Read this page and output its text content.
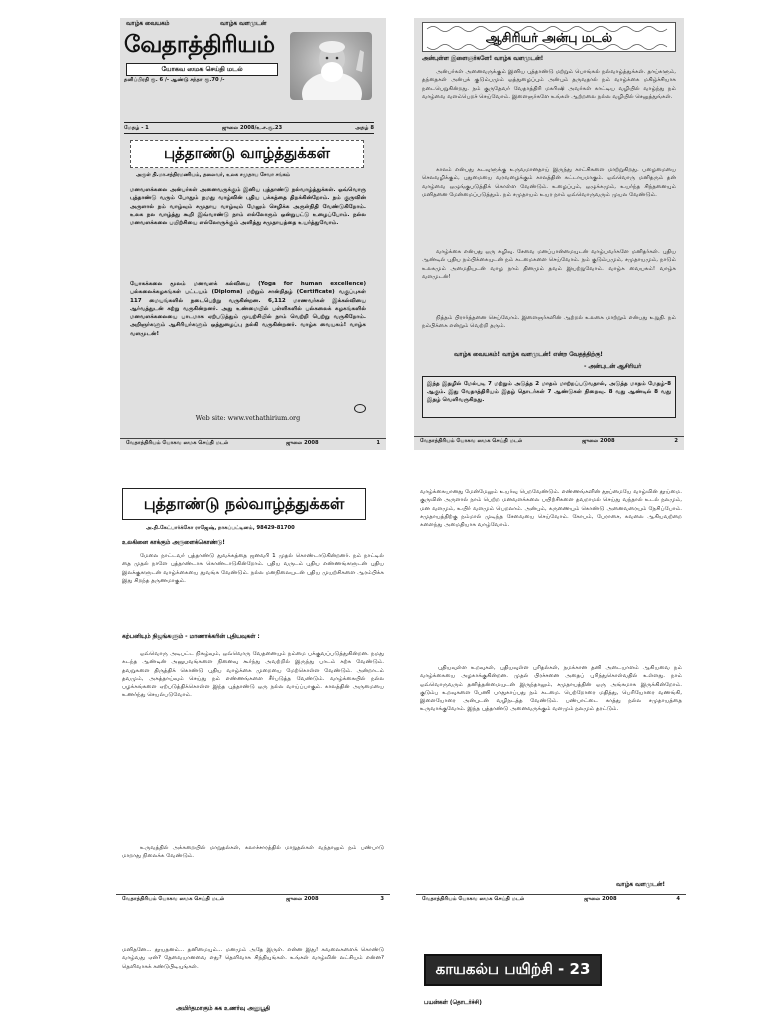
வாழ்க வையகம்	வாழ்க வளமுடன்
வேதாத்திரியம்
யோகவ ஸமக செய்தி மடல்
தனிப்பிரதி ரூ. 6 /- ஆண்டு சந்தா ரூ.70 /-
மேதழ் - 1	ஜுலை 2008/உ.ச.சூ.23	அதழ் 8
புத்தாண்டு வாழ்த்துக்கள்
அருள் தி.மா.சத்திரமணியம், தலைவர், உலக சமுதாய சேவா சங்கம்

மனவளக்கலை அன்பர்கள் அனைவருக்கும் இனிய புத்தாண்டு நல்வாழ்த்துக்கள். ஒவ்வொரு புத்தாண்டு வரும் போதும் நமது வாழ்வின் புதிய பக்கத்தை திறக்கின்றோம். நம் குருவின் அருளால் நம் வாழ்வும் சமுதாய வாழ்வும் மேலும் செழிக்க அருள்நிதி வேண்டுகிறோம். உலக நல வாழ்த்து கூறி இவ்வாண்டு நாம் எல்லோரும் ஒன்றுபட்டு உழைப்போம். நல்ல மனவளக்கலை பயிற்சியை எல்லோருக்கும் அளித்து சமுதாயத்தை உயர்த்துவோம்.

யோகக்கலை மூலம் மனவளக் கல்வியை (Yoga for human excellence) பல்கலைக்கழகங்கள் பட்டயம் (Diploma) மற்றும் சான்றிதழ் (Certificate) வகுப்புகள் 117 மையங்களில் நடைபெற்று வருகின்றன. 6,112 மாணவர்கள் இக்கல்வியை ஆர்வத்துடன் கற்று வருகின்றனர். அது உண்மையில் பள்ளிகளில் பல்கலைக் கழகங்களில் மனவளக்கலையை பாடமாக ஏற்படுத்தும் முயற்சியில் நாம் வெற்றி பெற்று வருகிறோம். அறிஞர்களும் ஆசிரியர்களும் ஒத்துழைப்பு நல்கி வருகின்றனர். வாழ்க வையகம்! வாழ்க வளமுடன்!

Web site: www.vethathirium.org
வேதாத்திரியம் யோகவ ஸமக செய்தி மடல்	ஜுலை 2008	1
ஆசிரியர் அன்பு மடல்
அன்புள்ள இளைஞர்களே! வாழ்க வளமுடன்!

அன்பர்கள் அனைவருக்கும் இனிய புத்தாண்டு மற்றும் பொங்கல் நல்வாழ்த்துக்கள். தாய்களும், தந்தைகள் அன்புக் குடும்பமும் ஒத்துழைப்பும் அன்பும் தருவதால் நம் வாழ்க்கை மகிழ்ச்சியாக நடைபெறுகின்றது. நம் குருதேவர் வேதாத்திரி மகரிஷி அவர்கள் காட்டிய வழியில் வாழ்ந்து நம் வாழ்வை வளம்பெறச் செய்வோம். இளைஞர்களே உங்கள் ஆற்றலை நல்ல வழியில் செலுத்துங்கள்.

காலம் என்பது கடவுளுக்கு உருவமானதாய் இருந்து காட்சிகளை மாற்றுகிறது. பழைமையை செலவழிக்கும், புதுமையை வரவழைக்கும் காலத்தின் கட்டாயமாகும். ஒவ்வொரு மனிதரும் தன் வாழ்வை ஒழுங்குபடுத்திக் கொள்ள வேண்டும். உழைப்பும், ஒழுக்கமும், உயர்ந்த சிந்தனையும் மனிதனை மேன்மைப்படுத்தும். நம் சமுதாயம் உயர நாம் ஒவ்வொருவரும் முயல வேண்டும்.

வாழ்க்கை என்பது ஒரு கழிவு. சேவை மனப்பான்மையுடன் வாழ்பவர்களே மனிதர்கள். புதிய ஆண்டில் புதிய நம்பிக்கையுடன் நம் கடமைகளை செய்வோம். நம் குடும்பமும், சமுதாயமும், நாடும் உலகமும் அமைதியுடன் வாழ நாம் தினமும் தவம் இயற்றுவோம். வாழ்க வையகம்! வாழ்க வளமுடன்!

நித்தம் பிரார்த்தனை செய்வோம். இளைஞர்களின் ஆற்றல் உலகை மாற்றும் என்பது உறுதி. நம் நம்பிக்கை என்றும் வெற்றி தரும்.

வாழ்க வையகம்! வாழ்க வளமுடன்! என்ற வேதத்திற்கு!
- அன்புடன் ஆசிரியர்

இந்த இதழில் மேல்படி 7 மற்றும் அடுத்த 2 மாதம் மாற்றப்படுவதால், அடுத்த மாதம் மேதழ்-8 ஆகும். இது வேதாத்திரியம் இதழ் தொடர்கள் 7 ஆண்டுகள் நிறைவு. 8 வது ஆண்டில் 8 வது இதழ் வெளிவருகிறது.

வேதாத்திரியம் யோகவ ஸமக செய்தி மடல்	ஜுலை 2008	2
புத்தாண்டு நல்வாழ்த்துக்கள்
அ.தி.கேட்பார்க்கோ ராஜேஷ், நாகப்பட்டினம், 98429-81700
உலகினை காக்கும் அருளைக்கொண்டு!

மேலை நாட்டவர் புத்தாண்டு துவக்கத்தை ஜனவரி 1 முதல் கொண்டாடுகின்றனர். நம் நாட்டில் தை முதல் நாளே புத்தாண்டாக கொண்டாடுகின்றோம். புதிய வருடம் புதிய எண்ணங்களுடன் புதிய இலக்குகளுடன் வாழ்க்கையை துவங்க வேண்டும். நல்ல மனநிலையுடன் புதிய முயற்சிகளை ஆரம்பிக்க இது சிறந்த தருணமாகும்.

கற்பனியும் நிஜங்களும் - மாணாக்கரின் புதியவுகள் :

ஒவ்வொரு அடிபட்ட நிகழ்வும், ஒவ்வொரு வேதனையும் நம்மை பக்குவப்படுத்துகின்றன. நமது கடந்த ஆண்டின் அனுபவங்களை நினைவு கூர்ந்து அவற்றில் இருந்து பாடம் கற்க வேண்டும். தவறுகளை திருத்திக் கொண்டு புதிய வாழ்க்கை முறையை மேற்கொள்ள வேண்டும். அன்றாடம் தவமும், அகத்தாய்வும் செய்து நம் எண்ணங்களை சீர்படுத்த வேண்டும். வாழ்க்கையில் நல்ல பழக்கங்களை ஏற்படுத்திக்கொள்ள இந்த புத்தாண்டு ஒரு நல்ல வாய்ப்பாகும். காலத்தின் அருமையை உணர்ந்து செயல்படுவோம்.

உருவத்தில் அக்கறையில் மாறுதல்கள், கலாச்சாரத்தில் மாறுதல்கள் வந்தாலும் நம் பண்பாடு மாறாது நிலைக்க வேண்டும்.

வேதாத்திரியம் யோகவ ஸமக செய்தி மடல்	ஜுலை 2008	3

வாழ்க்கையானது மேன்மேலும் உயர்வு பெறவேண்டும். எண்ணங்களின் தூய்மையே வாழ்வின் தூய்மை. குருவின் அருளால் நாம் பெற்ற மனவளக்கலை பயிற்சிகளை தவறாமல் செய்து வந்தால் உடல் நலமும், மன வளமும், உயிர் வளமும் பெறலாம். அன்பும், கருணையும் கொண்டு அனைவரையும் நேசிப்போம். சமுதாயத்திற்கு நம்மால் முடிந்த சேவையை செய்வோம். கோபம், பேராசை, கவலை ஆகியவற்றை களைந்து அமைதியாக வாழ்வோம்.

புதியவுள்ள உறவுகள், புதியவுள்ள புரிதல்கள், நமக்கான தனி அடையாளம் ஆகியவை நம் வாழ்க்கையை அழகாக்குகின்றன. முதல் பிரச்சனை அதைப் புரிந்துகொள்வதில் உள்ளது. நாம் ஒவ்வொருவரும் தனித்தன்மையுடன் இருந்தாலும், சமுதாயத்தின் ஒரு அங்கமாக இருக்கின்றோம். குடும்ப உறவுகளை பேணி பாதுகாப்பது நம் கடமை. பெற்றோரை மதித்து, பெரியோரை வணங்கி, இளையோரை அன்புடன் வழிநடத்த வேண்டும். பண்பாட்டை காத்து நல்ல சமுதாயத்தை உருவாக்குவோம். இந்த புத்தாண்டு அனைவருக்கும் வளமும் நலமும் தரட்டும்.

வாழ்க வளமுடன்!
வேதாத்திரியம் யோகவ ஸமக செய்தி மடல்	ஜுலை 2008	4

மனிதனே... தூயதனம்... தனிமையும்... மனமும் அதே இருள். என்ன இது! கவலைகளைக் கொண்டு வாழ்வது ஏன்? தேவையானவை எது? தெளிவாக சிந்தியுங்கள். உங்கள் வாழ்வின் லட்சியம் என்ன? தெளிவாகக் கண்டுபிடியுங்கள்.

அமிர்தமாகும் சுக உணர்வு அனுபூதி
காயகல்ப பயிற்சி - 23
பயன்கள் (தொடர்ச்சி)
